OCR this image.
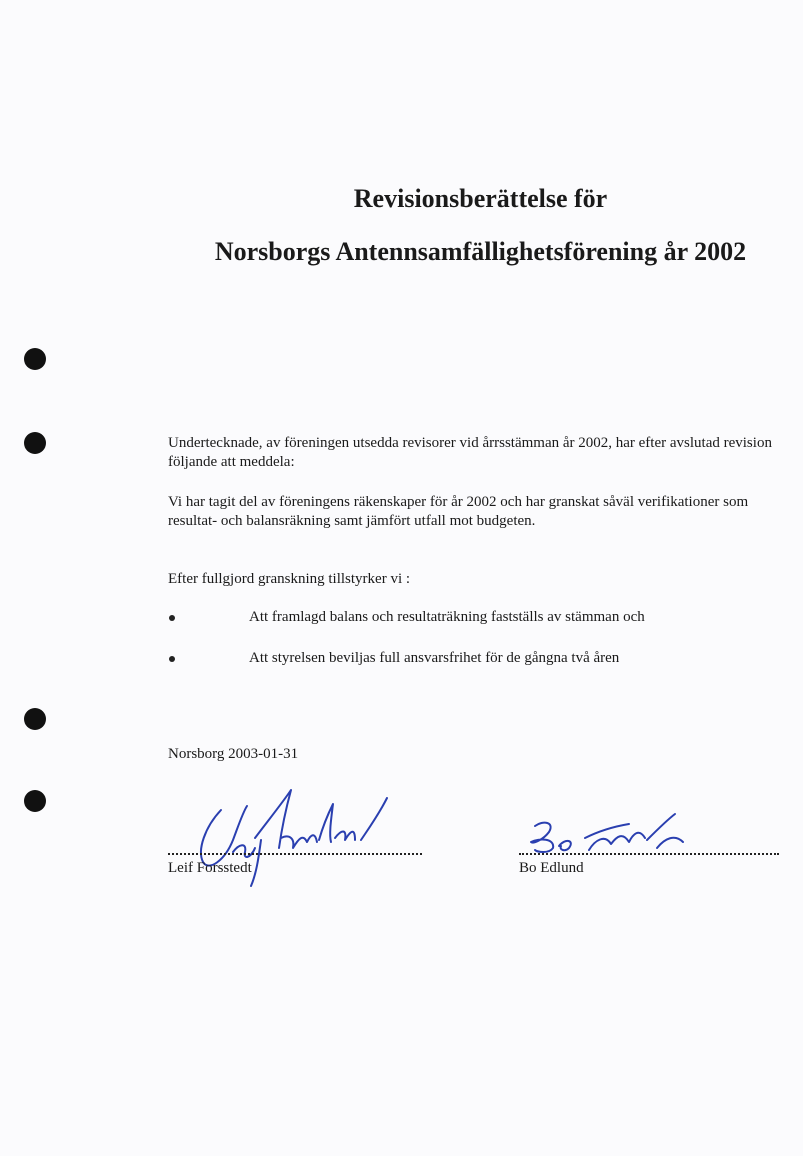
Revisionsberättelse för
Norsborgs Antennsamfällighetsförening år 2002
Undertecknade, av föreningen utsedda revisorer vid årrsstämman år 2002, har efter avslutad revision följande att meddela:
Vi har tagit del av föreningens räkenskaper för år 2002 och har granskat såväl verifikationer som resultat- och balansräkning samt jämfört utfall mot budgeten.
Efter fullgjord granskning tillstyrker vi :
Att framlagd balans och resultaträkning fastställs av stämman och
Att styrelsen beviljas full ansvarsfrihet för de gångna två åren
Norsborg 2003-01-31
Leif Forsstedt	Bo Edlund
